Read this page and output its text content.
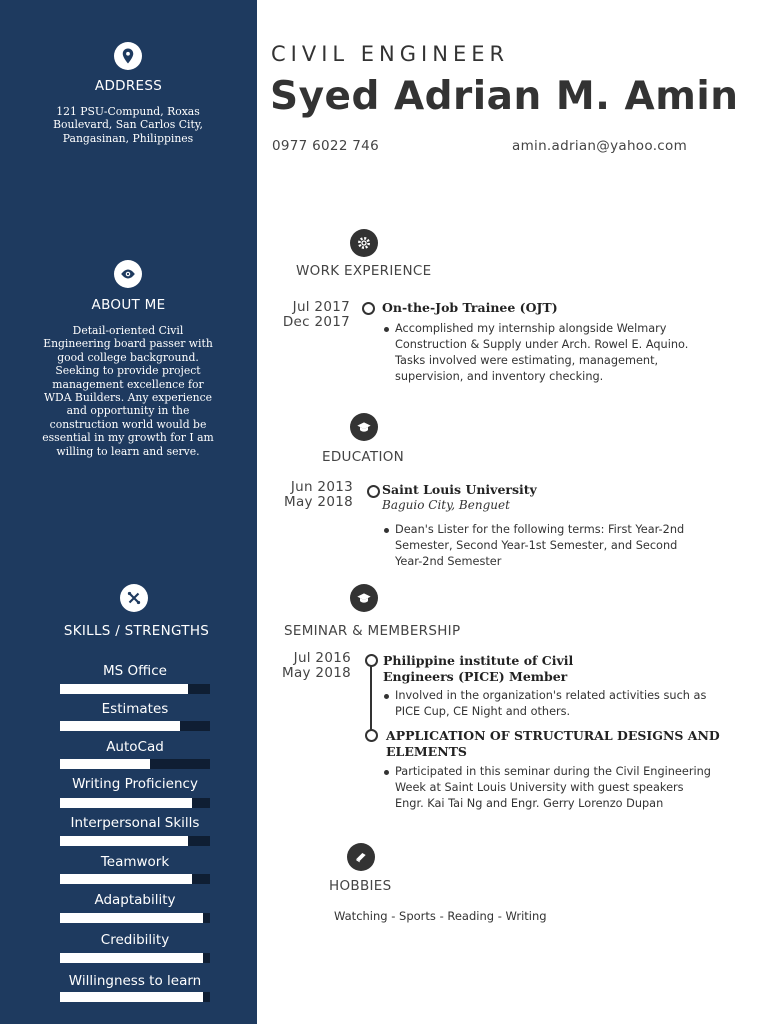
ADDRESS
121 PSU-Compund, Roxas
Boulevard, San Carlos City,
Pangasinan, Philippines
ABOUT ME
Detail-oriented Civil
Engineering board passer with
good college background.
Seeking to provide project
management excellence for
WDA Builders. Any experience
and opportunity in the
construction world would be
essential in my growth for I am
willing to learn and serve.
SKILLS / STRENGTHS
MS Office
Estimates
AutoCad
Writing Proficiency
Interpersonal Skills
Teamwork
Adaptability
Credibility
Willingness to learn
CIVIL ENGINEER
Syed Adrian M. Amin
0977 6022 746	amin.adrian@yahoo.com
WORK EXPERIENCE
Jul 2017
Dec 2017
On-the-Job Trainee (OJT)
Accomplished my internship alongside Welmary
Construction & Supply under Arch. Rowel E. Aquino.
Tasks involved were estimating, management,
supervision, and inventory checking.
EDUCATION
Jun 2013
May 2018
Saint Louis University
Baguio City, Benguet
Dean's Lister for the following terms: First Year-2nd
Semester, Second Year-1st Semester, and Second
Year-2nd Semester
SEMINAR & MEMBERSHIP
Jul 2016
May 2018
Philippine institute of Civil
Engineers (PICE) Member
Involved in the organization's related activities such as
PICE Cup, CE Night and others.
APPLICATION OF STRUCTURAL DESIGNS AND
ELEMENTS
Participated in this seminar during the Civil Engineering
Week at Saint Louis University with guest speakers
Engr. Kai Tai Ng and Engr. Gerry Lorenzo Dupan
HOBBIES
Watching - Sports - Reading - Writing
